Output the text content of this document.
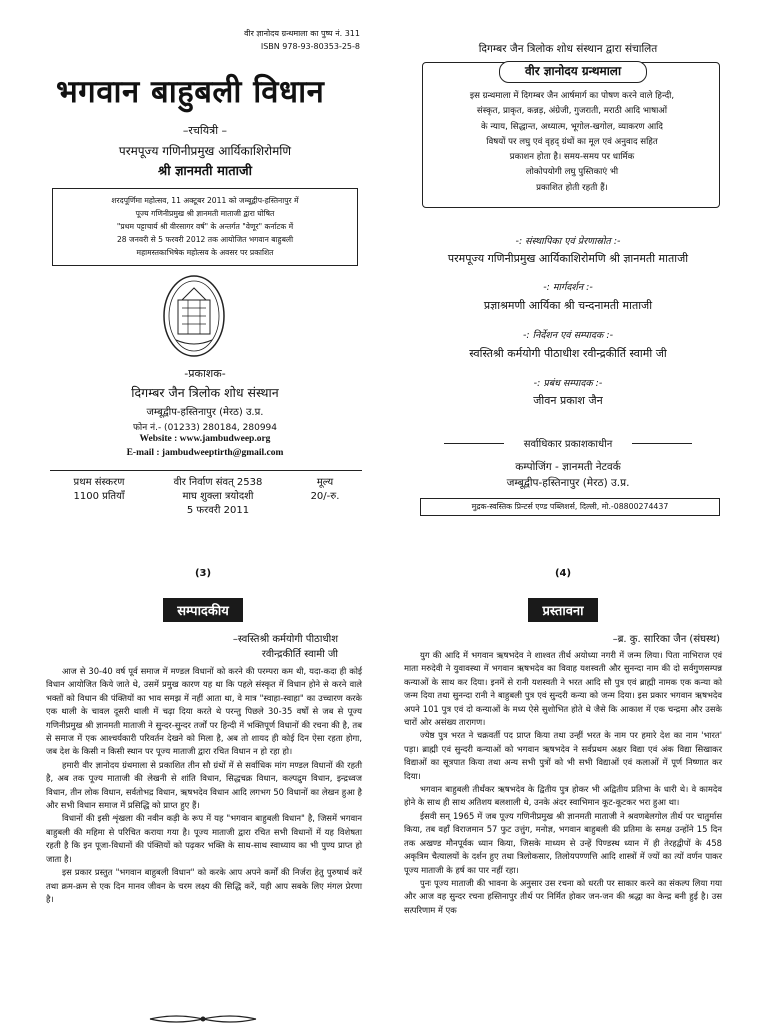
वीर ज्ञानोदय ग्रन्थमाला का पुष्प नं. 311
ISBN 978-93-80353-25-8
भगवान बाहुबली विधान
–रचयित्री –
परमपूज्य गणिनीप्रमुख आर्यिकाशिरोमणि
श्री ज्ञानमती माताजी
शरदपूर्णिमा महोत्सव, 11 अक्टूबर 2011 को जम्बूद्वीप-हस्तिनापुर में
पूज्य गणिनीप्रमुख श्री ज्ञानमती माताजी द्वारा घोषित
"प्रथम पट्टाचार्य श्री वीरसागर वर्ष" के अन्तर्गत "वेणूर" कर्नाटक में
28 जनवरी से 5 फरवरी 2012 तक आयोजित भगवान बाहुबली
महामस्तकाभिषेक महोत्सव के अवसर पर प्रकाशित
-प्रकाशक-
दिगम्बर जैन त्रिलोक शोध संस्थान
जम्बूद्वीप-हस्तिनापुर (मेरठ) उ.प्र.
फोन नं.- (01233) 280184, 280994
Website : www.jambudweep.org
E-mail : jambudweeptirth@gmail.com
प्रथम संस्करण
1100 प्रतियाँ
वीर निर्वाण संवत् 2538
माघ शुक्ला त्रयोदशी
5 फरवरी 2011
मूल्य
20/-रु.
दिगम्बर जैन त्रिलोक शोध संस्थान द्वारा संचालित
वीर ज्ञानोदय ग्रन्थमाला
इस ग्रन्थमाला में दिगम्बर जैन आर्षमार्ग का पोषण करने वाले हिन्दी,
संस्कृत, प्राकृत, कन्नड़, अंग्रेजी, गुजराती, मराठी आदि भाषाओं
के न्याय, सिद्धान्त, अध्यात्म, भूगोल-खगोल, व्याकरण आदि
विषयों पर लघु एवं वृहद् ग्रंथों का मूल एवं अनुवाद सहित
प्रकाशन होता है। समय-समय पर धार्मिक
लोकोपयोगी लघु पुस्तिकाएं भी
प्रकाशित होती रहती हैं।
-: संस्थापिका एवं प्रेरणास्रोत :-
परमपूज्य गणिनीप्रमुख आर्यिकाशिरोमणि श्री ज्ञानमती माताजी
-: मार्गदर्शन :-
प्रज्ञाश्रमणी आर्यिका श्री चन्दनामती माताजी
-: निर्देशन एवं सम्पादक :-
स्वस्तिश्री कर्मयोगी पीठाधीश रवीन्द्रकीर्ति स्वामी जी
-: प्रबंध सम्पादक :-
जीवन प्रकाश जैन
सर्वाधिकार प्रकाशकाधीन
कम्पोजिंग - ज्ञानमती नेटवर्क
जम्बूद्वीप-हस्तिनापुर (मेरठ) उ.प्र.
मुद्रक-स्वस्तिक प्रिन्टर्स एण्ड पब्लिशर्स, दिल्ली, मो.-08800274437
(3)
सम्पादकीय
–स्वस्तिश्री कर्मयोगी पीठाधीश
रवीन्द्रकीर्ति स्वामी जी

आज से 30-40 वर्ष पूर्व समाज में मण्डल विधानों को करने की परम्परा कम थी, यदा-कदा ही कोई विधान आयोजित किये जाते थे, उसमें प्रमुख कारण यह था कि पहले संस्कृत में विधान होने से करने वाले भक्तों को विधान की पंक्तियों का भाव समझ में नहीं आता था, वे मात्र "स्वाहा-स्वाहा" का उच्चारण करके एक थाली के चावल दूसरी थाली में चढ़ा दिया करते थे परन्तु पिछले 30-35 वर्षों से जब से पूज्य गणिनीप्रमुख श्री ज्ञानमती माताजी ने सुन्दर-सुन्दर तर्जों पर हिन्दी में भक्तिपूर्ण विधानों की रचना की है, तब से समाज में एक आश्चर्यकारी परिवर्तन देखने को मिला है, अब तो शायद ही कोई दिन ऐसा रहता होगा, जब देश के किसी न किसी स्थान पर पूज्य माताजी द्वारा रचित विधान न हो रहा हो।

हमारी वीर ज्ञानोदय ग्रंथमाला से प्रकाशित तीन सौ ग्रंथों में से सर्वाधिक मांग मण्डल विधानों की रहती है, अब तक पूज्य माताजी की लेखनी से शांति विधान, सिद्धचक्र विधान, कल्पद्रुम विधान, इन्द्रध्वज विधान, तीन लोक विधान, सर्वतोभद्र विधान, ऋषभदेव विधान आदि लगभग 50 विधानों का लेखन हुआ है और सभी विधान समाज में प्रसिद्धि को प्राप्त हुए हैं।

विधानों की इसी शृंखला की नवीन कड़ी के रूप में यह "भगवान बाहुबली विधान" है, जिसमें भगवान बाहुबली की महिमा से परिचित कराया गया है। पूज्य माताजी द्वारा रचित सभी विधानों में यह विशेषता रहती है कि इन पूजा-विधानों की पंक्तियों को पढ़कर भक्ति के साथ-साथ स्वाध्याय का भी पुण्य प्राप्त हो जाता है।

इस प्रकार प्रस्तुत "भगवान बाहुबली विधान" को करके आप अपने कर्मों की निर्जरा हेतु पुरुषार्थ करें तथा क्रम-क्रम से एक दिन मानव जीवन के चरम लक्ष्य की सिद्धि करें, यही आप सबके लिए मंगल प्रेरणा है।

(4)
प्रस्तावना
–ब्र. कु. सारिका जैन (संघस्थ)

युग की आदि में भगवान ऋषभदेव ने शाश्वत तीर्थ अयोध्या नगरी में जन्म लिया। पिता नाभिराज एवं माता मरुदेवी ने युवावस्था में भगवान ऋषभदेव का विवाह यशस्वती और सुनन्दा नाम की दो सर्वगुणसम्पन्न कन्याओं के साथ कर दिया। इनमें से रानी यशस्वती ने भरत आदि सौ पुत्र एवं ब्राह्मी नामक एक कन्या को जन्म दिया तथा सुनन्दा रानी ने बाहुबली पुत्र एवं सुन्दरी कन्या को जन्म दिया। इस प्रकार भगवान ऋषभदेव अपने 101 पुत्र एवं दो कन्याओं के मध्य ऐसे सुशोभित होते थे जैसे कि आकाश में एक चन्द्रमा और उसके चारों ओर असंख्य तारागण।

ज्येष्ठ पुत्र भरत ने चक्रवर्ती पद प्राप्त किया तथा उन्हीं भरत के नाम पर हमारे देश का नाम 'भारत' पड़ा। ब्राह्मी एवं सुन्दरी कन्याओं को भगवान ऋषभदेव ने सर्वप्रथम अक्षर विद्या एवं अंक विद्या सिखाकर विद्याओं का सूत्रपात किया तथा अन्य सभी पुत्रों को भी सभी विद्याओं एवं कलाओं में पूर्ण निष्णात कर दिया।

भगवान बाहुबली तीर्थंकर ऋषभदेव के द्वितीय पुत्र होकर भी अद्वितीय प्रतिभा के धारी थे। वे कामदेव होने के साथ ही साथ अतिशय बलशाली थे, उनके अंदर स्वाभिमान कूट-कूटकर भरा हुआ था।

ईसवी सन् 1965 में जब पूज्य गणिनीप्रमुख श्री ज्ञानमती माताजी ने श्रवणबेलगोल तीर्थ पर चातुर्मास किया, तब वहाँ विराजमान 57 फुट उत्तुंग, मनोज्ञ, भगवान बाहुबली की प्रतिमा के समक्ष उन्होंने 15 दिन तक अखण्ड मौनपूर्वक ध्यान किया, जिसके माध्यम से उन्हें पिण्डस्थ ध्यान में ही तेरहद्वीपों के 458 अकृत्रिम चैत्यालयों के दर्शन हुए तथा त्रिलोकसार, तिलोयपण्णत्ति आदि शास्त्रों में ज्यों का त्यों वर्णन पाकर पूज्य माताजी के हर्ष का पार नहीं रहा।

पुनः पूज्य माताजी की भावना के अनुसार उस रचना को धरती पर साकार करने का संकल्प लिया गया और आज वह सुन्दर रचना हस्तिनापुर तीर्थ पर निर्मित होकर जन-जन की श्रद्धा का केन्द्र बनी हुई है। उस सत्परिणाम में एक
